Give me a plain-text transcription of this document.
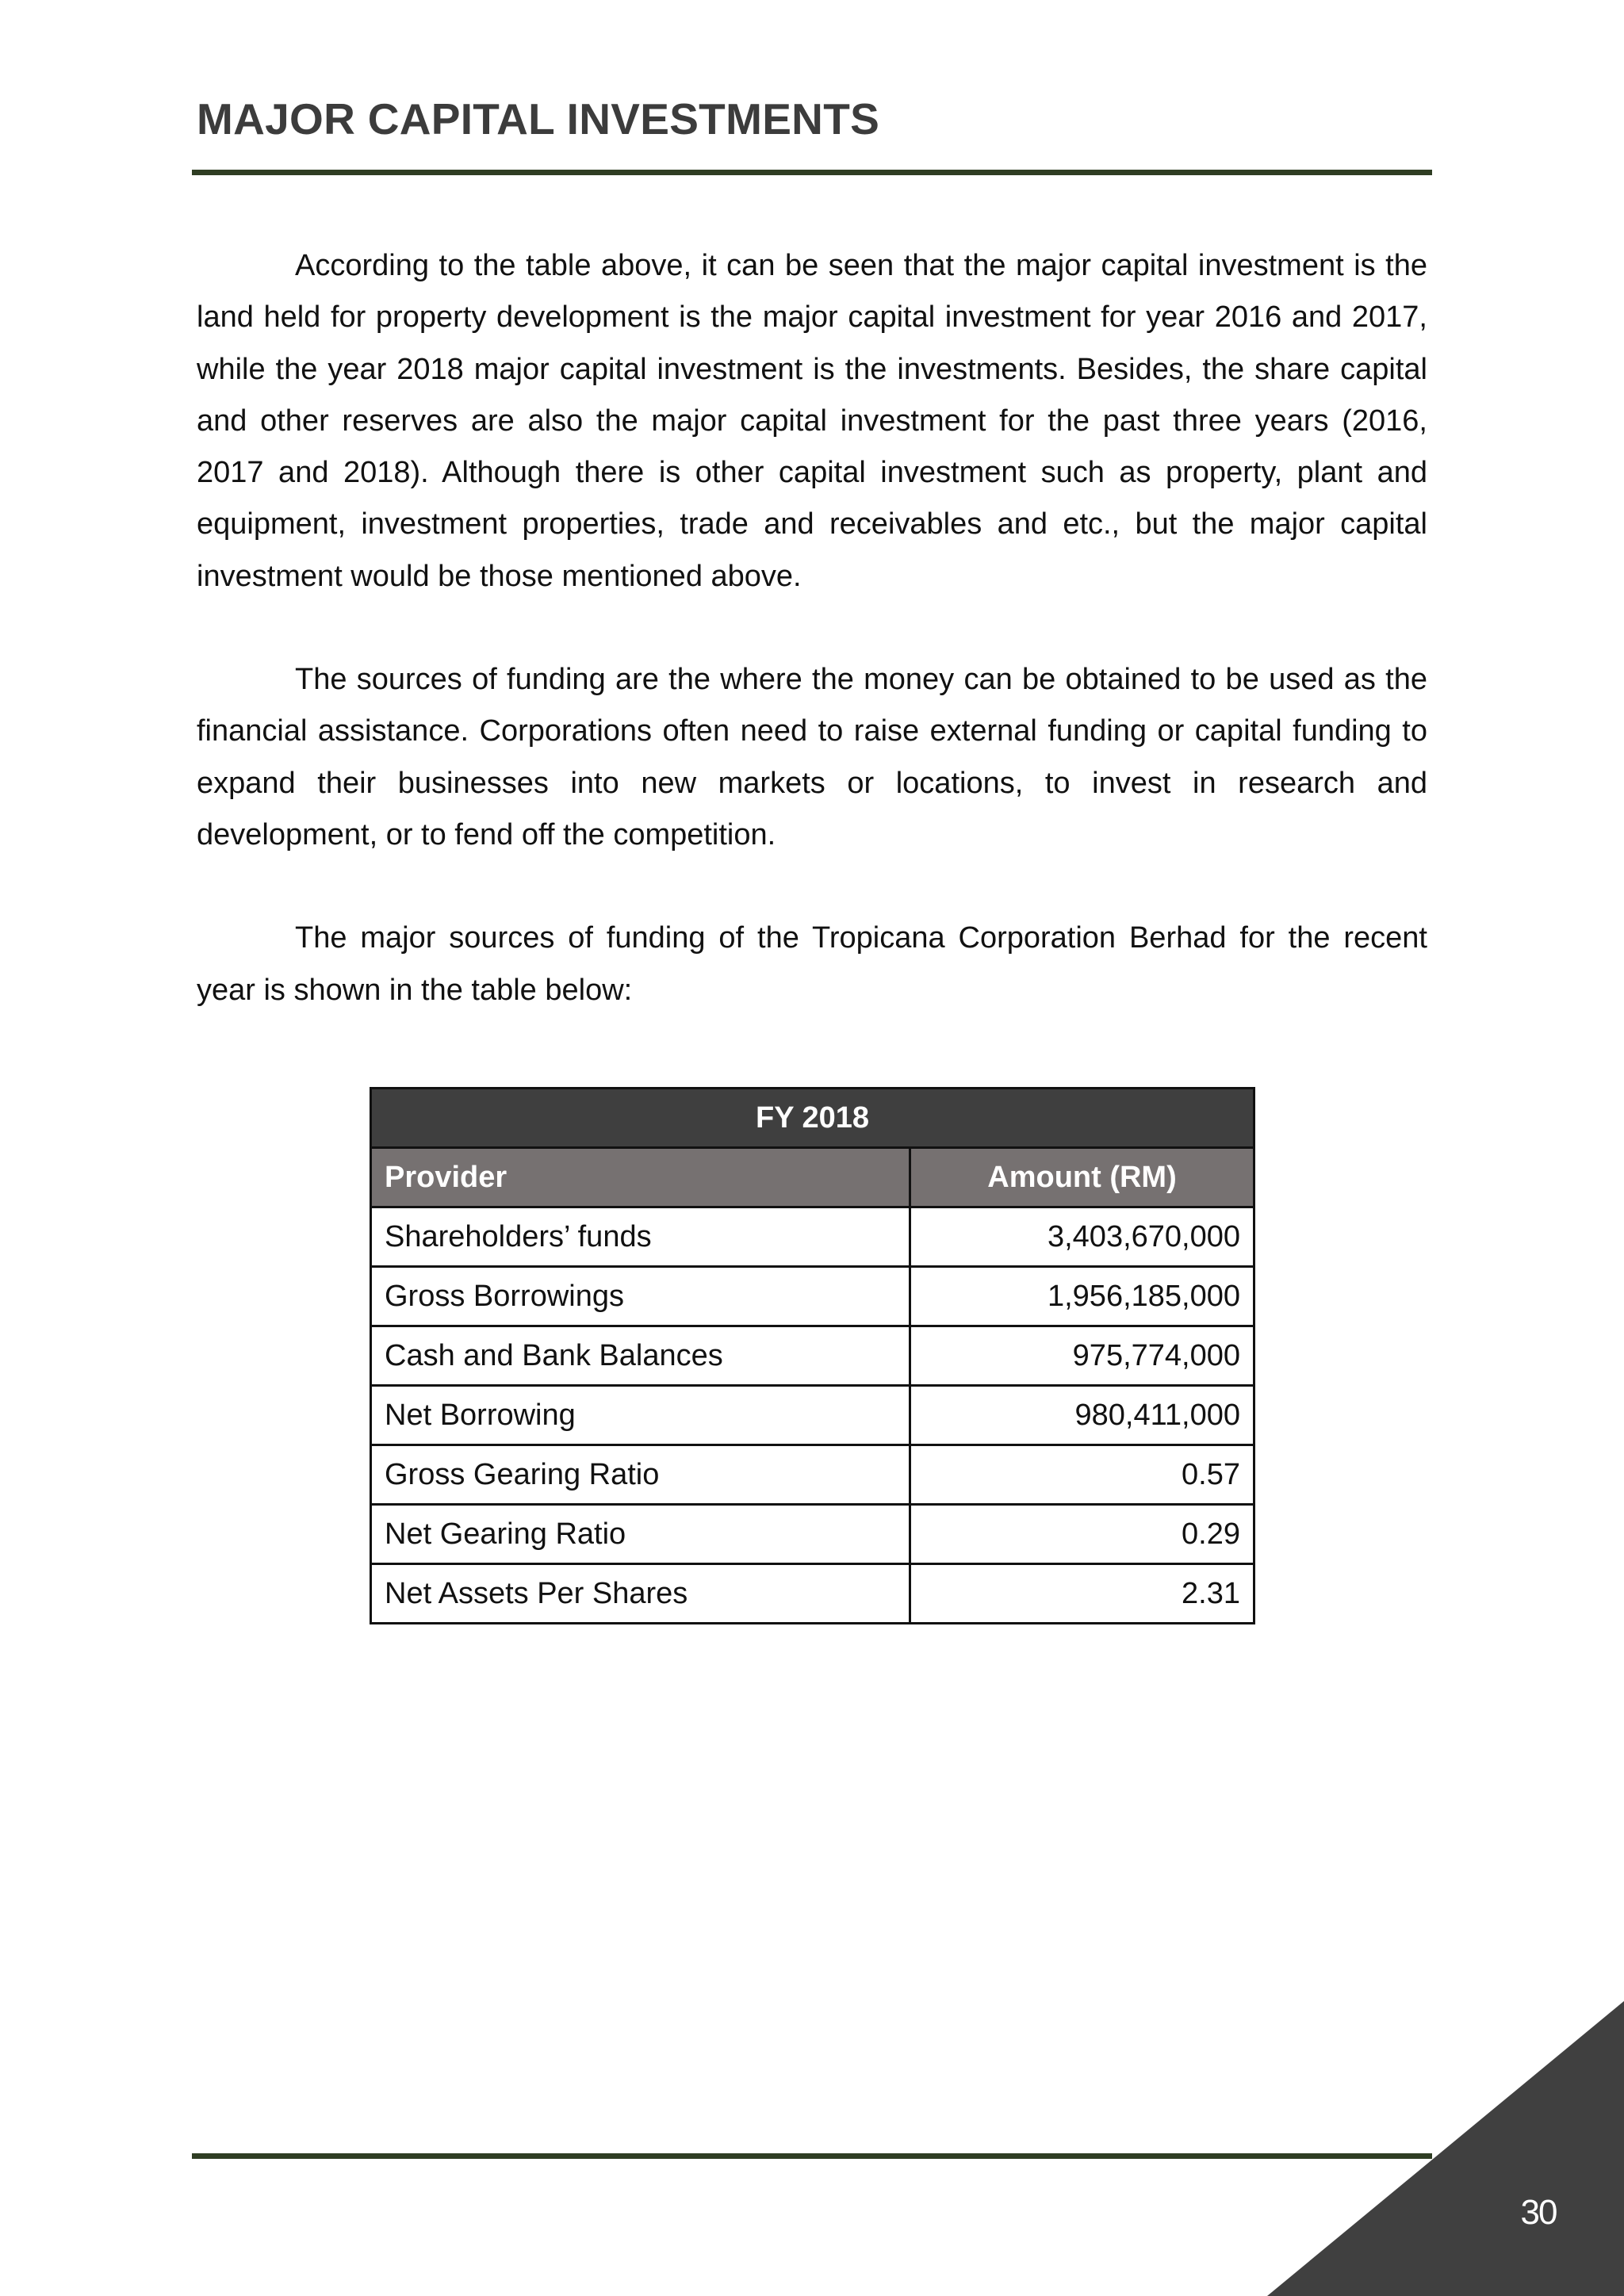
MAJOR CAPITAL INVESTMENTS

According to the table above, it can be seen that the major capital investment is the land held for property development is the major capital investment for year 2016 and 2017, while the year 2018 major capital investment is the investments. Besides, the share capital and other reserves are also the major capital investment for the past three years (2016, 2017 and 2018). Although there is other capital investment such as property, plant and equipment, investment properties, trade and receivables and etc., but the major capital investment would be those mentioned above.

The sources of funding are the where the money can be obtained to be used as the financial assistance. Corporations often need to raise external funding or capital funding to expand their businesses into new markets or locations, to invest in research and development, or to fend off the competition.

The major sources of funding of the Tropicana Corporation Berhad for the recent year is shown in the table below:

FY 2018	
Provider	Amount (RM)
Shareholders’ funds	3,403,670,000
Gross Borrowings	1,956,185,000
Cash and Bank Balances	975,774,000
Net Borrowing	980,411,000
Gross Gearing Ratio	0.57
Net Gearing Ratio	0.29
Net Assets Per Shares	2.31
30
